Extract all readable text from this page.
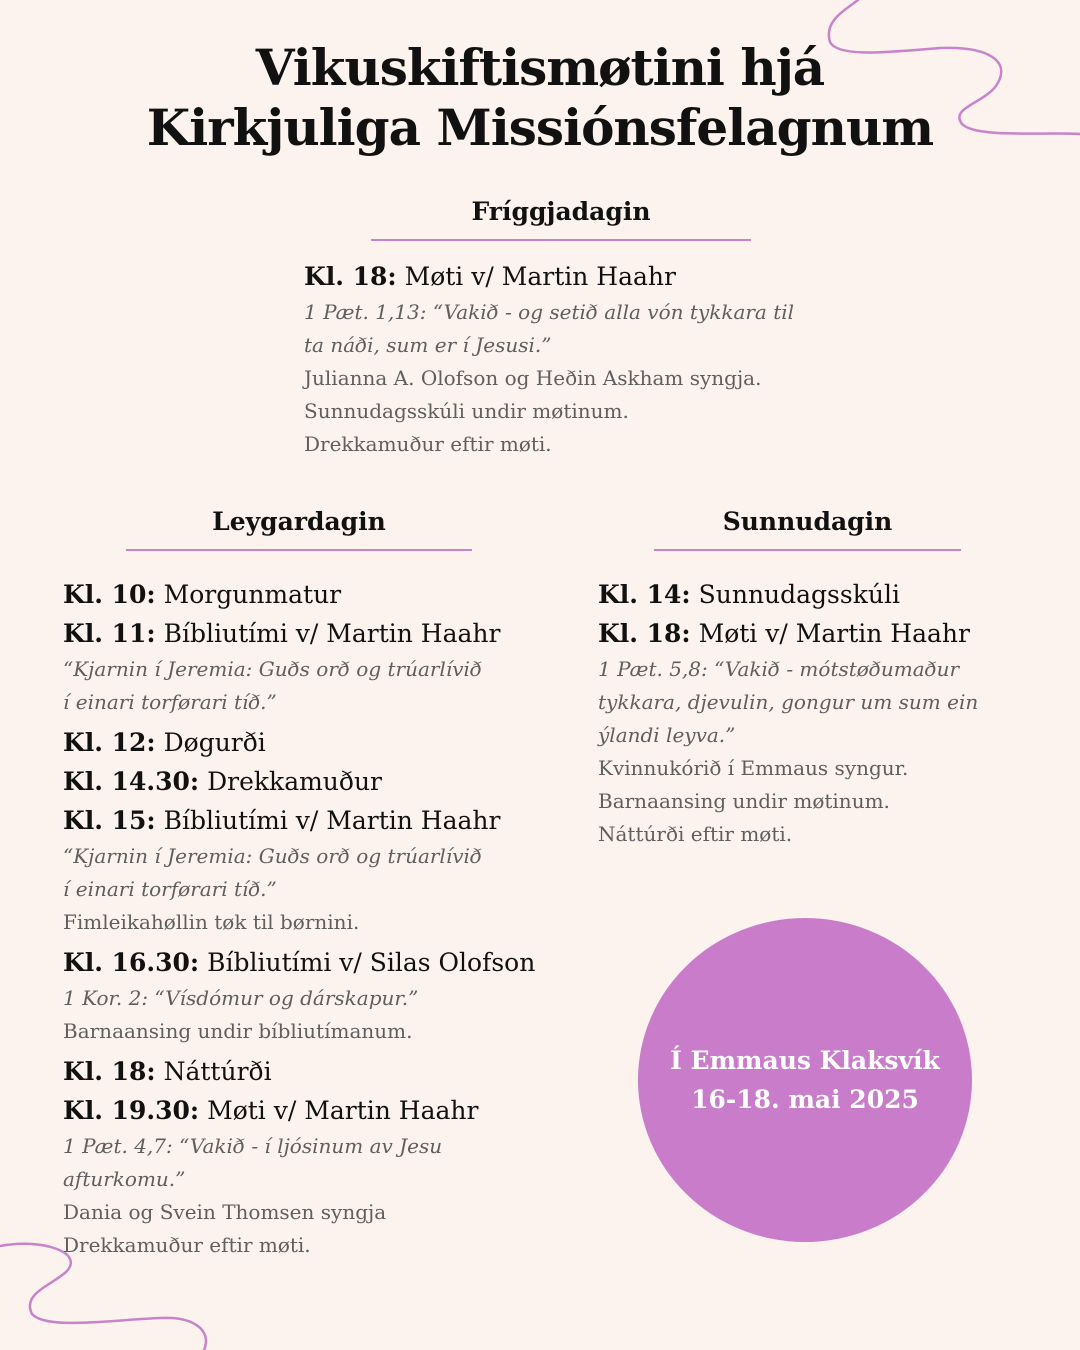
Vikuskiftismøtini hjá
Kirkjuliga Missiónsfelagnum
Fríggjadagin
Kl. 18: Møti v/ Martin Haahr
1 Pæt. 1,13: “Vakið - og setið alla vón tykkara til
ta náði, sum er í Jesusi.”
Julianna A. Olofson og Heðin Askham syngja.
Sunnudagsskúli undir møtinum.
Drekkamuður eftir møti.
Leygardagin
Kl. 10: Morgunmatur
Kl. 11: Bíbliutími v/ Martin Haahr
“Kjarnin í Jeremia: Guðs orð og trúarlívið
í einari torførari tíð.”
Kl. 12: Døgurði
Kl. 14.30: Drekkamuður
Kl. 15: Bíbliutími v/ Martin Haahr
“Kjarnin í Jeremia: Guðs orð og trúarlívið
í einari torførari tíð.”
Fimleikahøllin tøk til børnini.
Kl. 16.30: Bíbliutími v/ Silas Olofson
1 Kor. 2: “Vísdómur og dárskapur.”
Barnaansing undir bíbliutímanum.
Kl. 18: Náttúrði
Kl. 19.30: Møti v/ Martin Haahr
1 Pæt. 4,7: “Vakið - í ljósinum av Jesu
afturkomu.”
Dania og Svein Thomsen syngja
Drekkamuður eftir møti.
Sunnudagin
Kl. 14: Sunnudagsskúli
Kl. 18: Møti v/ Martin Haahr
1 Pæt. 5,8: “Vakið - mótstøðumaður
tykkara, djevulin, gongur um sum ein
ýlandi leyva.”
Kvinnukórið í Emmaus syngur.
Barnaansing undir møtinum.
Náttúrði eftir møti.
Í Emmaus Klaksvík
16-18. mai 2025
